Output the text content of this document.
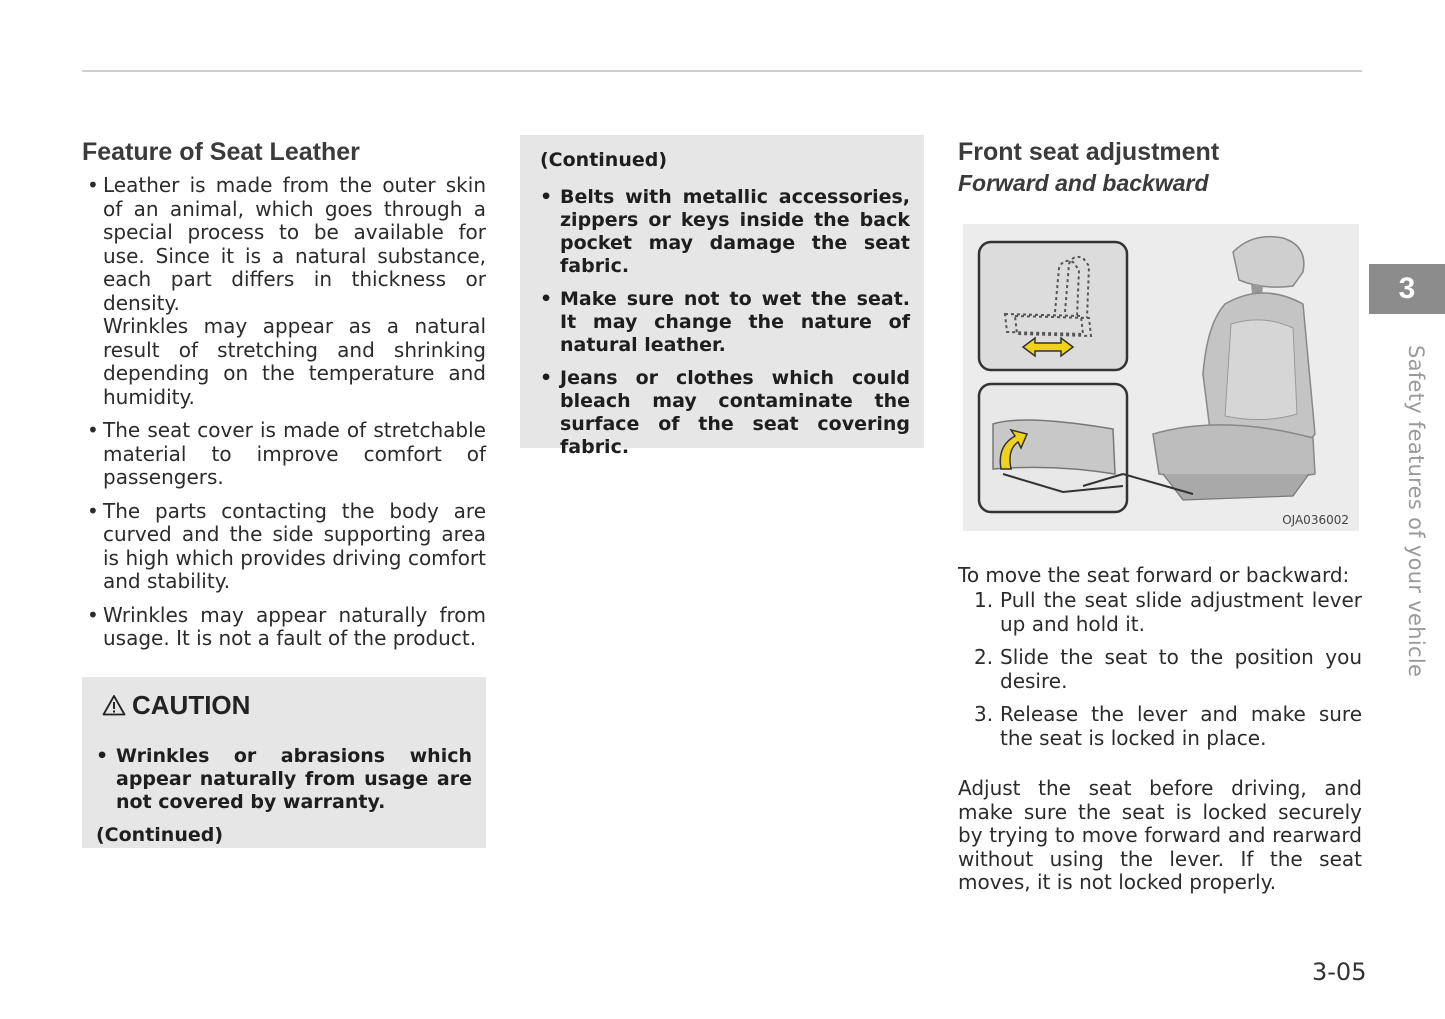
Feature of Seat Leather
• Leather is made from the outer skin of an animal, which goes through a special process to be available for use. Since it is a natural substance, each part differs in thickness or density.

Wrinkles may appear as a natural result of stretching and shrinking depending on the temperature and humidity.

• The seat cover is made of stretchable material to improve comfort of passengers.

• The parts contacting the body are curved and the side supporting area is high which provides driving comfort and stability.

• Wrinkles may appear naturally from usage. It is not a fault of the product.

CAUTION
• Wrinkles or abrasions which appear naturally from usage are not covered by warranty.
(Continued)
(Continued)
• Belts with metallic accessories, zippers or keys inside the back pocket may damage the seat fabric.
• Make sure not to wet the seat. It may change the nature of natural leather.
• Jeans or clothes which could bleach may contaminate the surface of the seat covering fabric.
Front seat adjustment
Forward and backward
OJA036002

To move the seat forward or backward:

1. Pull the seat slide adjustment lever up and hold it.
2. Slide the seat to the position you desire.
3. Release the lever and make sure the seat is locked in place.

Adjust the seat before driving, and make sure the seat is locked securely by trying to move forward and rearward without using the lever. If the seat moves, it is not locked properly.

3
Safety features of your vehicle
3-05
